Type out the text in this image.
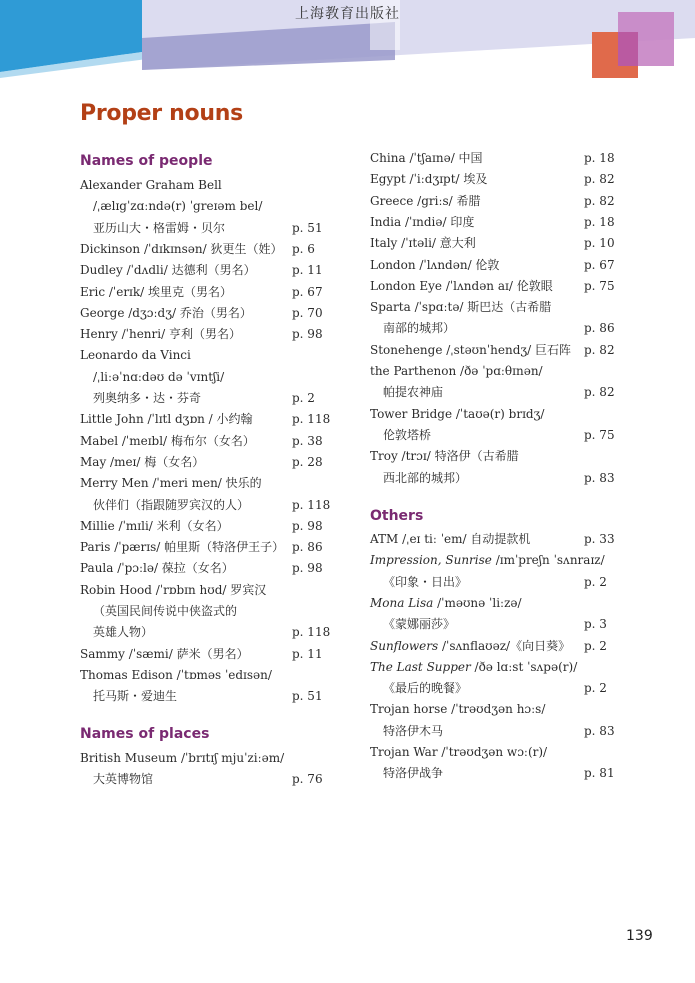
上海教育出版社
Proper nouns
Names of people
Alexander Graham Bell
/ˌælɪgˈzɑːndə(r) ˈgreɪəm bel/
亚历山大・格雷姆・贝尔	p. 51
Dickinson /ˈdɪkɪnsən/ 狄更生（姓） p. 6
Dudley /ˈdʌdli/ 达德利（男名）	p. 11
Eric /ˈerɪk/ 埃里克（男名）	p. 67
George /dʒɔːdʒ/ 乔治（男名）	p. 70
Henry /ˈhenri/ 亨利（男名）	p. 98
Leonardo da Vinci
/ˌliːəˈnɑːdəʊ də ˈvɪntʃi/
列奥纳多・达・芬奇	p. 2
Little John /ˈlɪtl dʒɒn / 小约翰	p. 118
Mabel /ˈmeɪbl/ 梅布尔（女名）	p. 38
May /meɪ/ 梅（女名）	p. 28
Merry Men /ˈmeri men/ 快乐的
伙伴们（指跟随罗宾汉的人）	p. 118
Millie /ˈmɪli/ 米利（女名）	p. 98
Paris /ˈpærɪs/ 帕里斯（特洛伊王子） p. 86
Paula /ˈpɔːlə/ 葆拉（女名）	p. 98
Robin Hood /ˈrɒbɪn hʊd/ 罗宾汉
（英国民间传说中侠盗式的
英雄人物）	p. 118
Sammy /ˈsæmi/ 萨米（男名）	p. 11
Thomas Edison /ˈtɒməs ˈedɪsən/
托马斯・爱迪生	p. 51
Names of places
British Museum /ˈbrɪtɪʃ mjuˈziːəm/
大英博物馆	p. 76
China /ˈtʃaɪnə/ 中国	p. 18
Egypt /ˈiːdʒɪpt/ 埃及	p. 82
Greece /griːs/ 希腊	p. 82
India /ˈɪndiə/ 印度	p. 18
Italy /ˈɪtəli/ 意大利	p. 10
London /ˈlʌndən/ 伦敦	p. 67
London Eye /ˈlʌndən aɪ/ 伦敦眼	p. 75
Sparta /ˈspɑːtə/ 斯巴达（古希腊
南部的城邦）	p. 86
Stonehenge /ˌstəʊnˈhendʒ/ 巨石阵 p. 82
the Parthenon /ðə ˈpɑːθɪnən/
帕提农神庙	p. 82
Tower Bridge /ˈtaʊə(r) brɪdʒ/
伦敦塔桥	p. 75
Troy /trɔɪ/ 特洛伊（古希腊
西北部的城邦）	p. 83
Others
ATM /ˌeɪ tiː ˈem/ 自动提款机	p. 33
Impression, Sunrise /ɪmˈpreʃn ˈsʌnraɪz/
《印象・日出》	p. 2
Mona Lisa /ˈməʊnə ˈliːzə/
《蒙娜丽莎》	p. 3
Sunflowers /ˈsʌnflaʊəz/《向日葵》 p. 2
The Last Supper /ðə lɑːst ˈsʌpə(r)/
《最后的晚餐》	p. 2
Trojan horse /ˈtrəʊdʒən hɔːs/
特洛伊木马	p. 83
Trojan War /ˈtrəʊdʒən wɔː(r)/
特洛伊战争	p. 81
139
